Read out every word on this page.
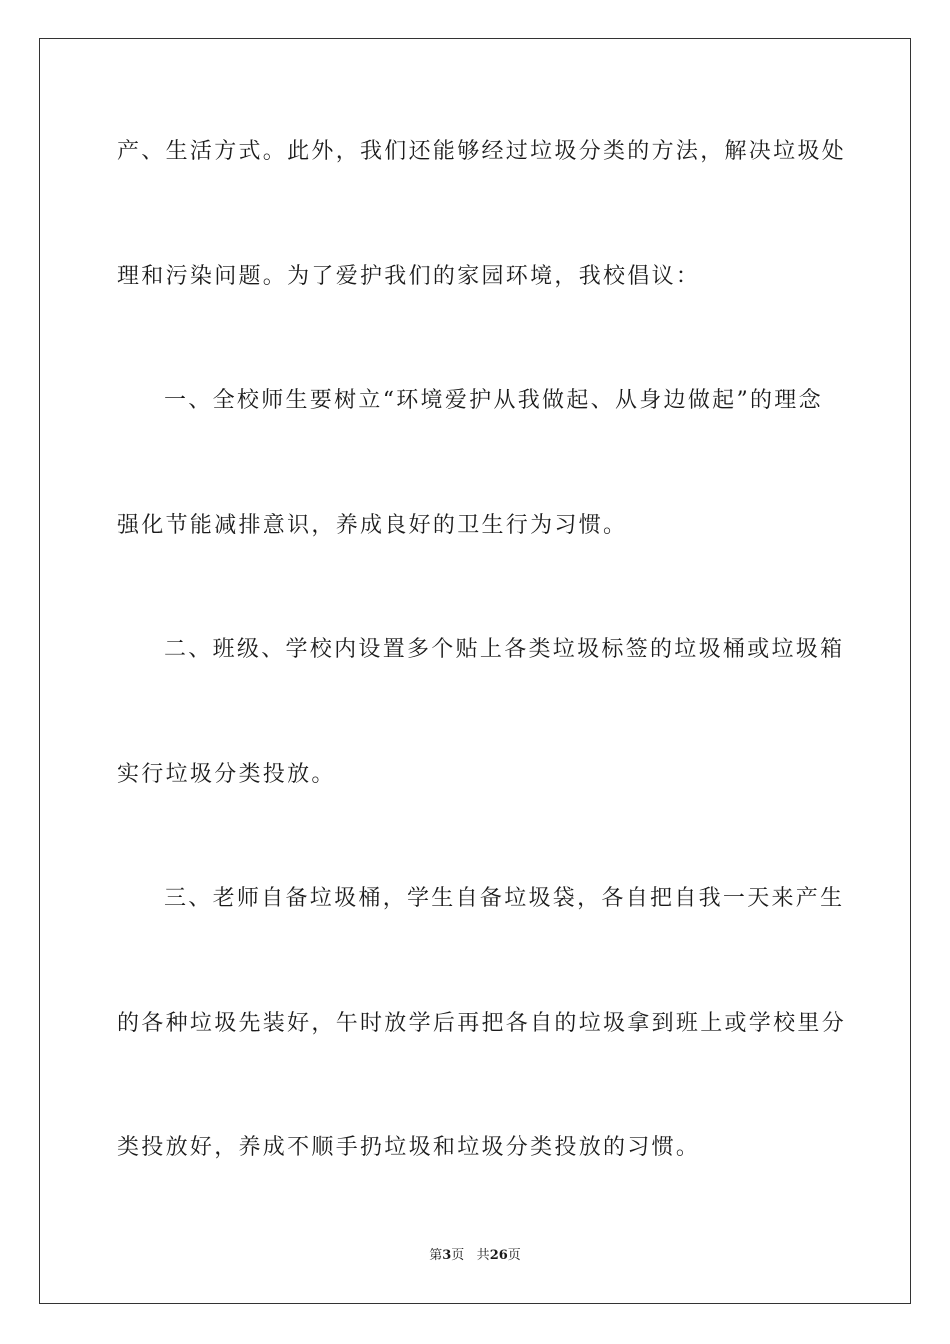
产、生活方式。此外，我们还能够经过垃圾分类的方法，解决垃圾处
理和污染问题。为了爱护我们的家园环境，我校倡议：
一、全校师生要树立“环境爱护从我做起、从身边做起”的理念
强化节能减排意识，养成良好的卫生行为习惯。
二、班级、学校内设置多个贴上各类垃圾标签的垃圾桶或垃圾箱
实行垃圾分类投放。
三、老师自备垃圾桶，学生自备垃圾袋，各自把自我一天来产生
的各种垃圾先装好，午时放学后再把各自的垃圾拿到班上或学校里分
类投放好，养成不顺手扔垃圾和垃圾分类投放的习惯。
第3页 共26页
